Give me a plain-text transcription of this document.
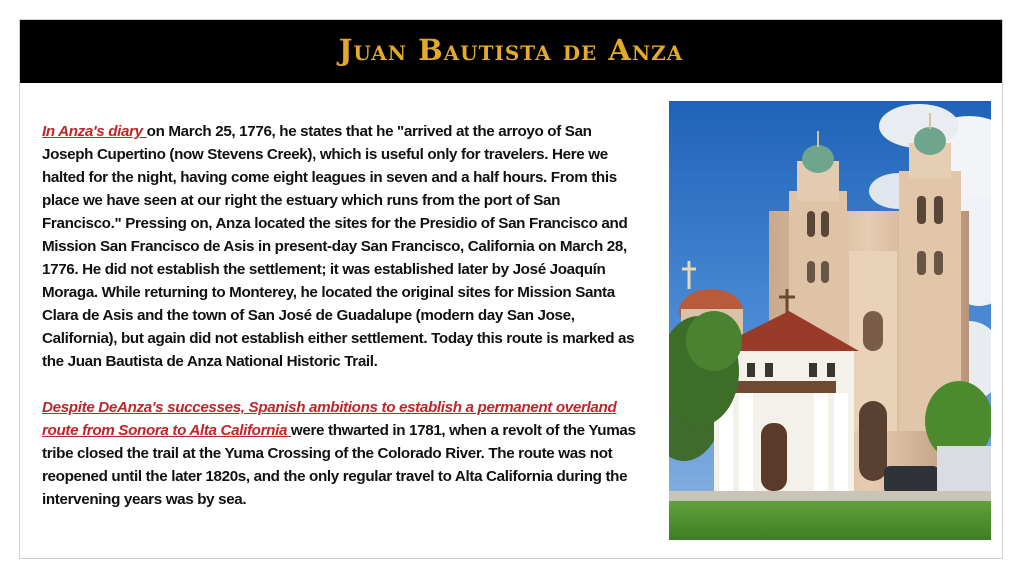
Juan Bautista de Anza

In Anza's diary on March 25, 1776, he states that he "arrived at the arroyo of San Joseph Cupertino (now Stevens Creek), which is useful only for travelers. Here we halted for the night, having come eight leagues in seven and a half hours. From this place we have seen at our right the estuary which runs from the port of San Francisco." Pressing on, Anza located the sites for the Presidio of San Francisco and Mission San Francisco de Asis in present-day San Francisco, California on March 28, 1776. He did not establish the settlement; it was established later by José Joaquín Moraga. While returning to Monterey, he located the original sites for Mission Santa Clara de Asis and the town of San José de Guadalupe (modern day San Jose, California), but again did not establish either settlement. Today this route is marked as the Juan Bautista de Anza National Historic Trail.

Despite DeAnza's successes, Spanish ambitions to establish a permanent overland route from Sonora to Alta California were thwarted in 1781, when a revolt of the Yumas tribe closed the trail at the Yuma Crossing of the Colorado River. The route was not reopened until the later 1820s, and the only regular travel to Alta California during the intervening years was by sea.
